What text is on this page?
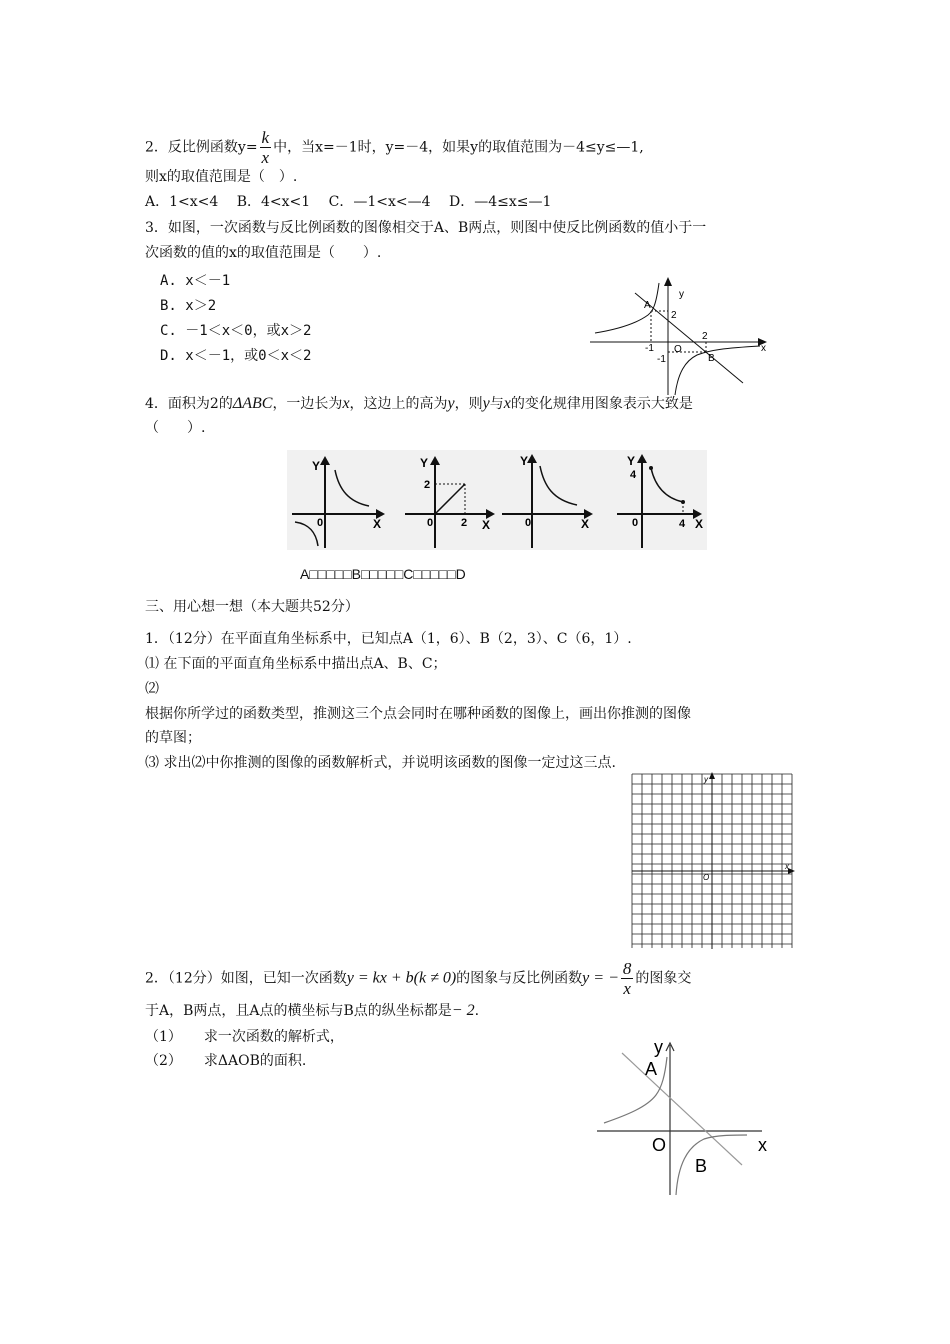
2．反比例函数$y= \frac{k}{x}$ 中，当x=－1时，y=－4，如果y的取值范围为－4≤y≤—1,
则x的取值范围是（　）.
A．1<x<4　 B．4<x<1　 C．—1<x<—4　 D．—4≤x≤—1
3．如图，一次函数与反比例函数的图像相交于A、B两点，则图中使反比例函数的值小于一
次函数的值的x的取值范围是（　　）.
A. x＜－1
B. x＞2
C. －1＜x＜0，或x＞2
D. x＜－1，或0＜x＜2
y
x
O
A
B
2
-1
2
-1
4．面积为2的ΔABC，一边长为x，这边上的高为y，则y与x的变化规律用图象表示大致是
（　　）.
Y
X
0
Y
X
0
2
2
Y
X
0
Y
X
0
4
4
A□□□□□B□□□□□C□□□□□D
三、用心想一想（本大题共52分）
1．（12分）在平面直角坐标系中，已知点A（1，6）、B（2，3）、C（6，1）.
⑴ 在下面的平面直角坐标系中描出点A、B、C；
⑵
根据你所学过的函数类型，推测这三个点会同时在哪种函数的图像上，画出你推测的图像
的草图；
⑶ 求出⑵中你推测的图像的函数解析式，并说明该函数的图像一定过这三点.
y
x
O
2．（12分）如图，已知一次函数y = kx + b(k ≠ 0)的图象与反比例函数y = − $\frac{8}{x}$ 的图象交
于A，B两点，且A点的横坐标与B点的纵坐标都是− 2.
（1） 求一次函数的解析式，
（2） 求ΔAOB的面积.
y
x
O
A
B
